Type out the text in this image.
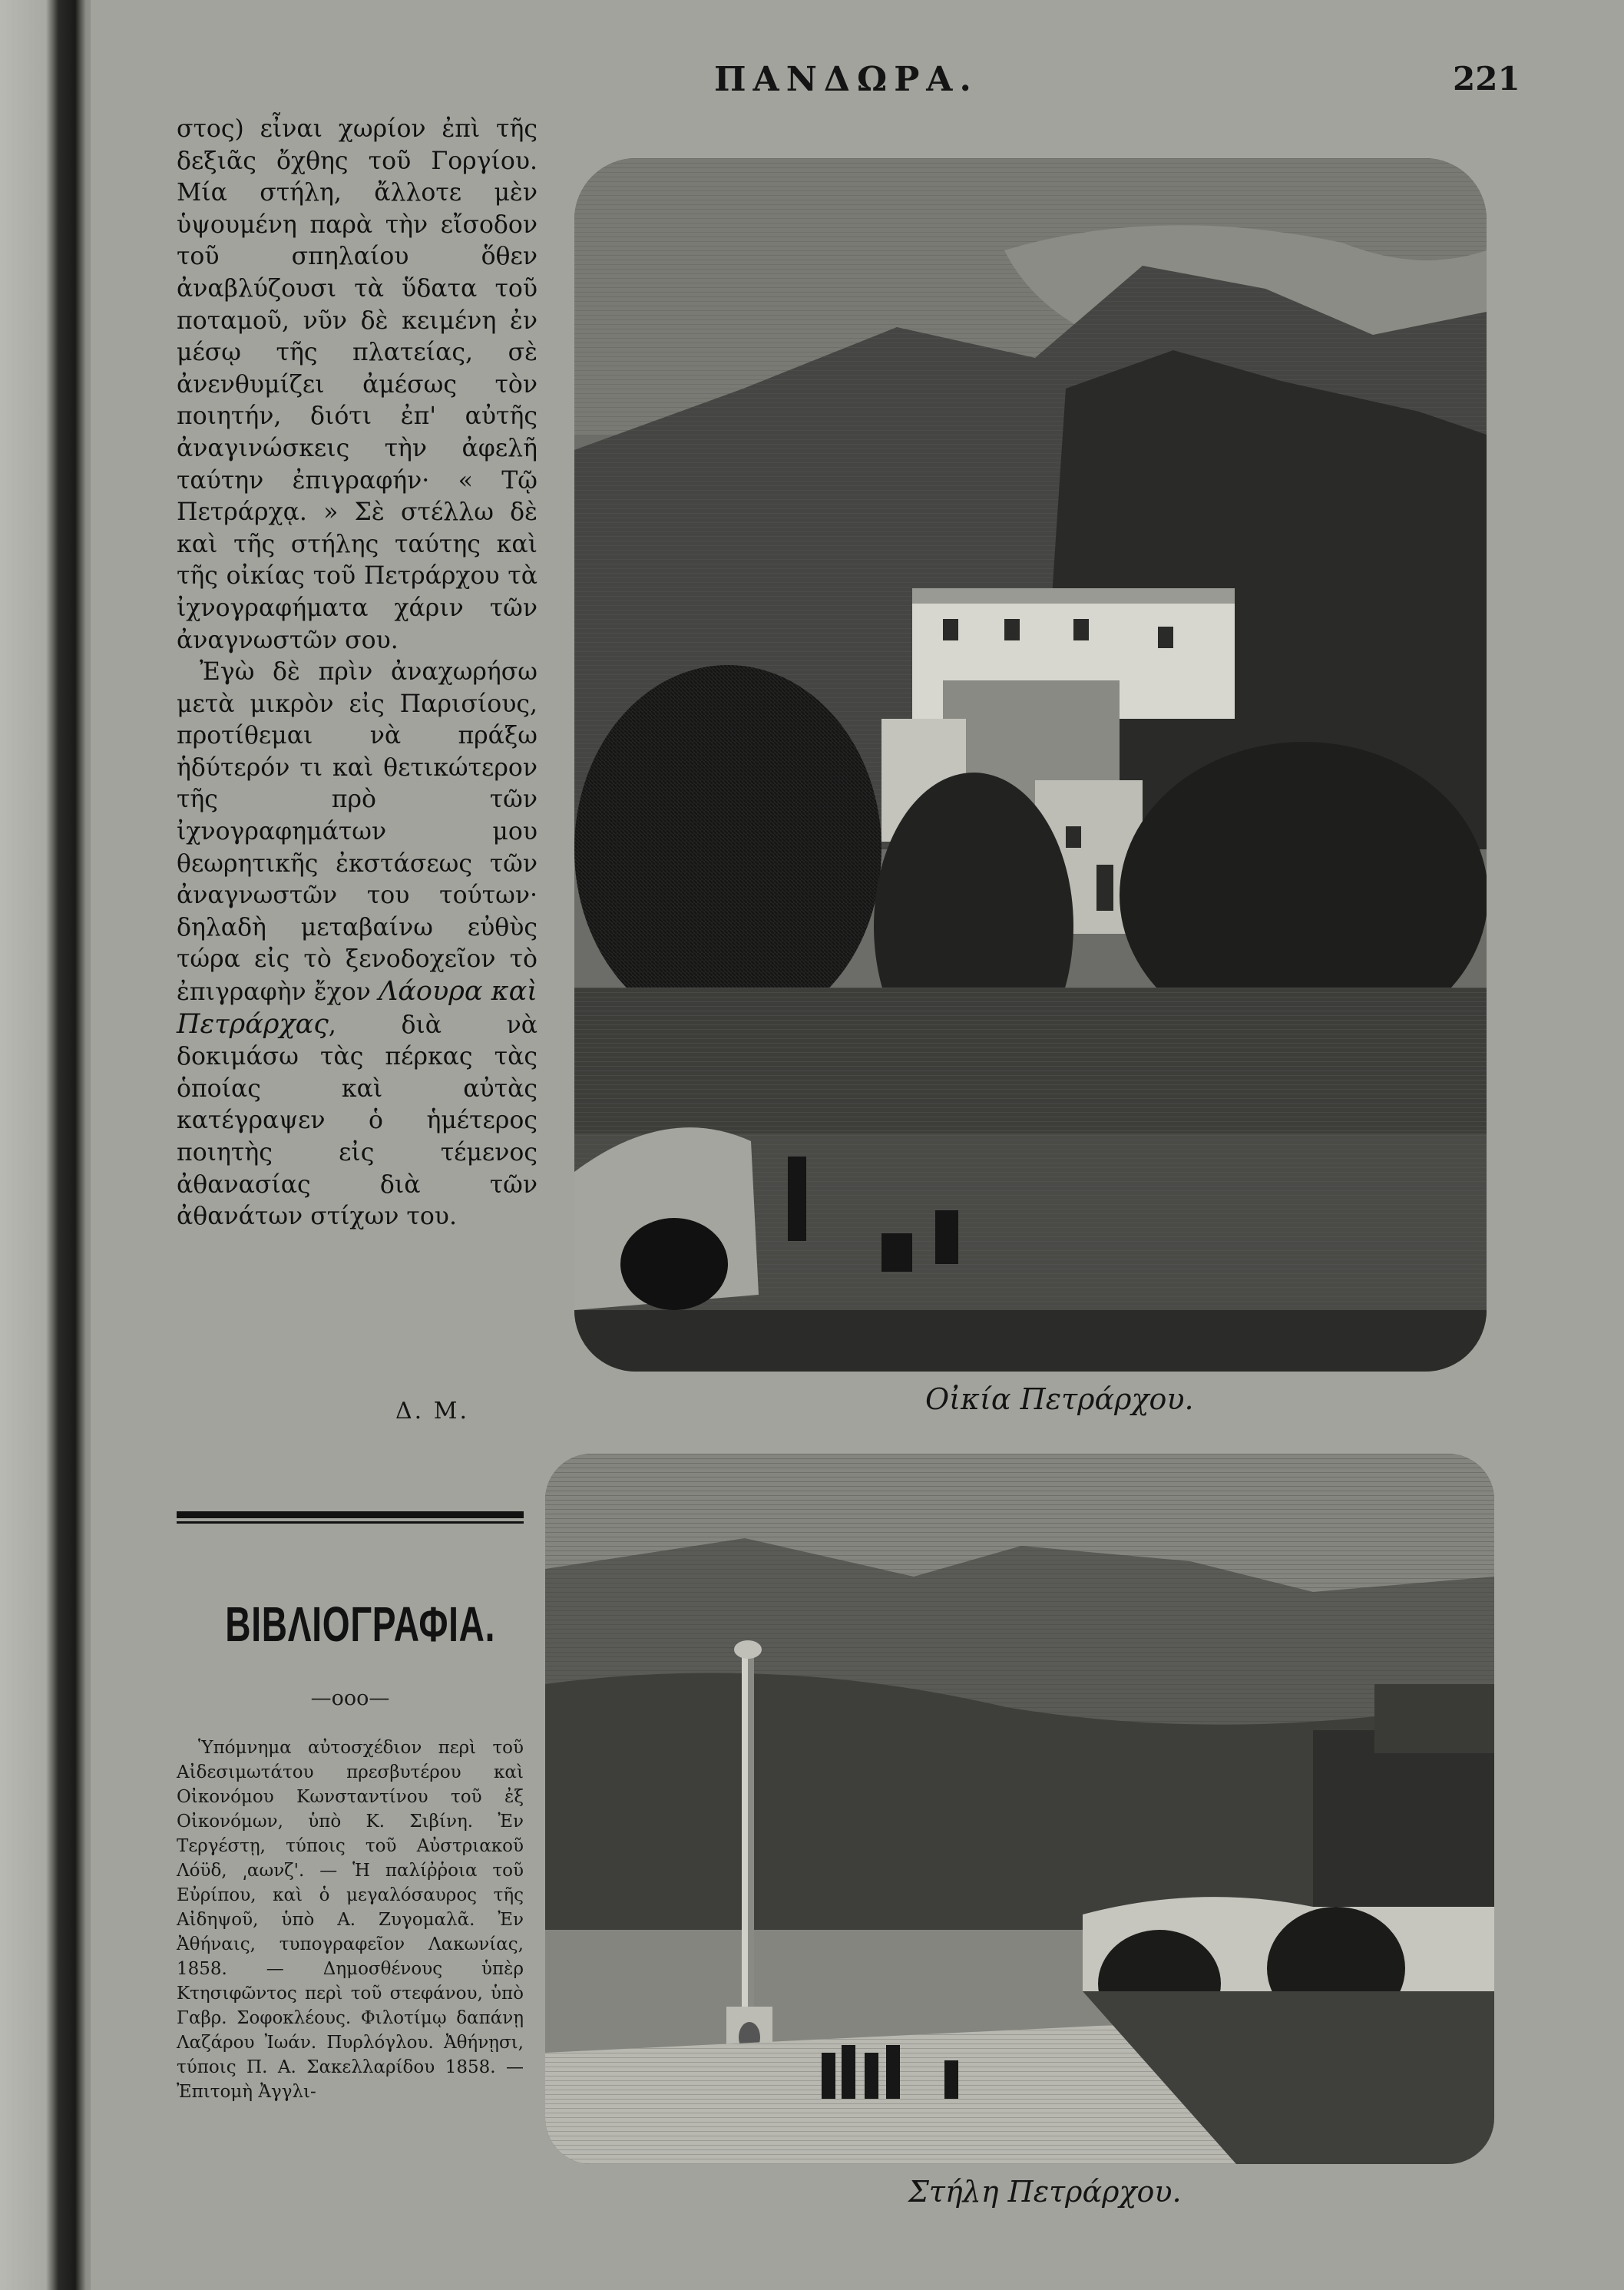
ΠΑΝΔΩΡΑ.	221

στος) εἶναι χωρίον ἐπὶ τῆς δεξιᾶς ὄχθης τοῦ Γοργίου. Μία στήλη, ἄλλοτε μὲν ὑψουμένη παρὰ τὴν εἴσοδον τοῦ σπηλαίου ὅθεν ἀναβλύζουσι τὰ ὕδατα τοῦ ποταμοῦ, νῦν δὲ κειμένη ἐν μέσῳ τῆς πλατείας, σὲ ἀνενθυμίζει ἀμέσως τὸν ποιητήν, διότι ἐπ' αὐτῆς ἀναγινώσκεις τὴν ἀφελῆ ταύτην ἐπιγραφήν· « Τῷ Πετράρχᾳ. » Σὲ στέλλω δὲ καὶ τῆς στήλης ταύτης καὶ τῆς οἰκίας τοῦ Πετράρχου τὰ ἰχνογραφήματα χάριν τῶν ἀναγνωστῶν σου.

Ἐγὼ δὲ πρὶν ἀναχωρήσω μετὰ μικρὸν εἰς Παρισίους, προτίθεμαι νὰ πράξω ἡδύτερόν τι καὶ θετικώτερον τῆς πρὸ τῶν ἰχνογραφημάτων μου θεωρητικῆς ἐκστάσεως τῶν ἀναγνωστῶν του τούτων· δηλαδὴ μεταβαίνω εὐθὺς τώρα εἰς τὸ ξενοδοχεῖον τὸ ἐπιγραφὴν ἔχον Λάουρα καὶ Πετράρχας, διὰ νὰ δοκιμάσω τὰς πέρκας τὰς ὁποίας καὶ αὐτὰς κατέγραψεν ὁ ἡμέτερος ποιητὴς εἰς τέμενος ἀθανασίας διὰ τῶν ἀθανάτων στίχων του.

Δ. Μ.
ΒΙΒΛΙΟΓΡΑΦΙΑ.
—ooo—

Ὑπόμνημα αὐτοσχέδιον περὶ τοῦ Αἰδεσιμωτάτου πρεσβυτέρου καὶ Οἰκονόμου Κωνσταντίνου τοῦ ἐξ Οἰκονόμων, ὑπὸ Κ. Σιβίνη. Ἐν Τεργέστῃ, τύποις τοῦ Αὐστριακοῦ Λόϋδ, ͵αωνζ'. — Ἡ παλίῤῥοια τοῦ Εὐρίπου, καὶ ὁ μεγαλόσαυρος τῆς Αἰδηψοῦ, ὑπὸ Α. Ζυγομαλᾶ. Ἐν Ἀθήναις, τυπογραφεῖον Λακωνίας, 1858. — Δημοσθένους ὑπὲρ Κτησιφῶντος περὶ τοῦ στεφάνου, ὑπὸ Γαβρ. Σοφοκλέους. Φιλοτίμῳ δαπάνῃ Λαζάρου Ἰωάν. Πυρλόγλου. Ἀθήνῃσι, τύποις Π. Α. Σακελλαρίδου 1858. — Ἐπιτομὴ Ἀγγλι-

Οἰκία Πετράρχου.
Στήλη Πετράρχου.
